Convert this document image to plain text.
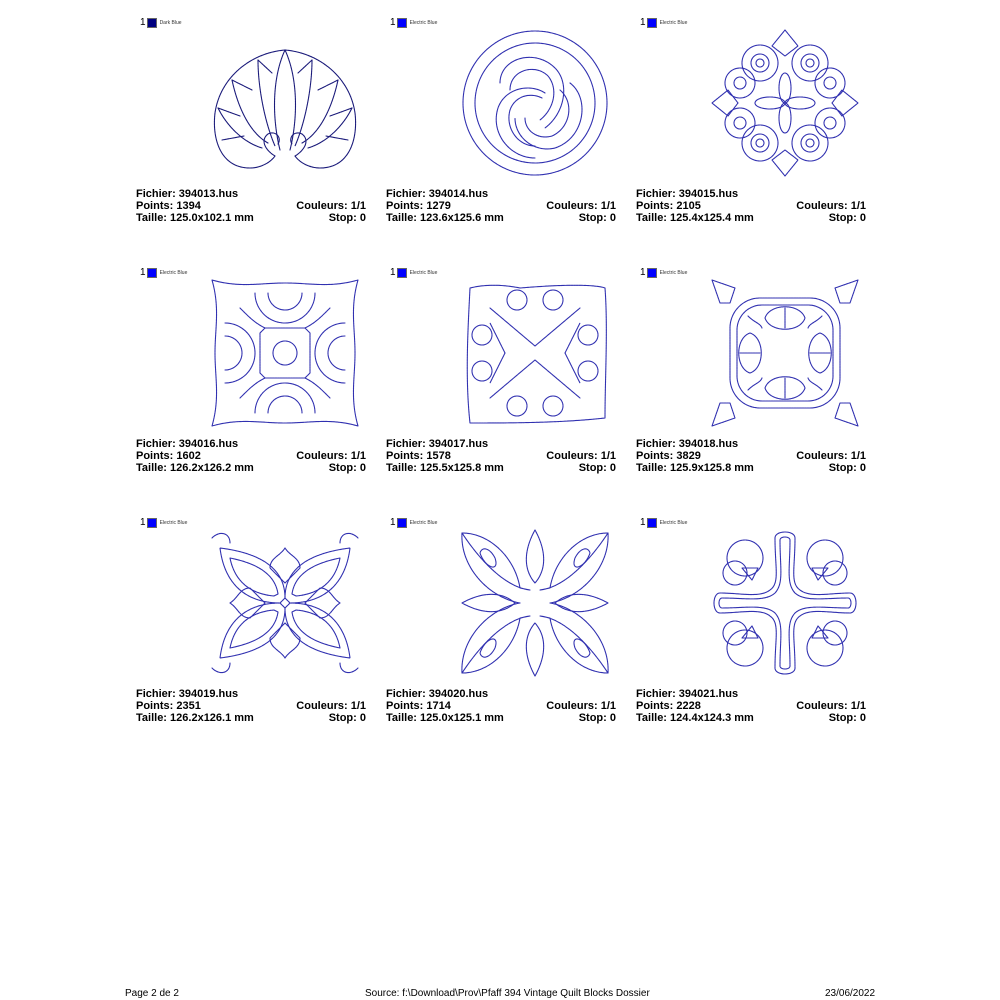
1	Dark Blue
Fichier: 394013.hus
Points: 1394	Couleurs: 1/1
Taille: 125.0x102.1 mm	Stop: 0
1	Electric Blue
Fichier: 394014.hus
Points: 1279	Couleurs: 1/1
Taille: 123.6x125.6 mm	Stop: 0
1	Electric Blue
Fichier: 394015.hus
Points: 2105	Couleurs: 1/1
Taille: 125.4x125.4 mm	Stop: 0
1	Electric Blue
Fichier: 394016.hus
Points: 1602	Couleurs: 1/1
Taille: 126.2x126.2 mm	Stop: 0
1	Electric Blue
Fichier: 394017.hus
Points: 1578	Couleurs: 1/1
Taille: 125.5x125.8 mm	Stop: 0
1	Electric Blue
Fichier: 394018.hus
Points: 3829	Couleurs: 1/1
Taille: 125.9x125.8 mm	Stop: 0
1	Electric Blue
Fichier: 394019.hus
Points: 2351	Couleurs: 1/1
Taille: 126.2x126.1 mm	Stop: 0
1	Electric Blue
Fichier: 394020.hus
Points: 1714	Couleurs: 1/1
Taille: 125.0x125.1 mm	Stop: 0
1	Electric Blue
Fichier: 394021.hus
Points: 2228	Couleurs: 1/1
Taille: 124.4x124.3 mm	Stop: 0
Page 2 de 2	Source: f:\Download\Prov\Pfaff 394 Vintage Quilt Blocks Dossier	23/06/2022
